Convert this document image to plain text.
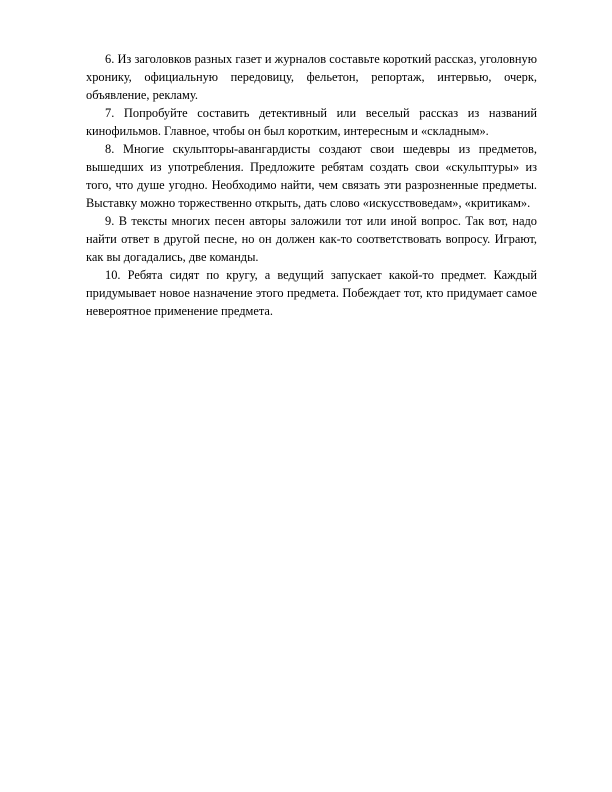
6. Из заголовков разных газет и журналов составьте короткий рассказ, уголовную хронику, официальную передовицу, фельетон, репортаж, интервью, очерк, объявление, рекламу.

7. Попробуйте составить детективный или веселый рассказ из названий кинофильмов. Главное, чтобы он был коротким, интересным и «складным».

8. Многие скульпторы-авангардисты создают свои шедевры из предметов, вышедших из употребления. Предложите ребятам создать свои «скульптуры» из того, что душе угодно. Необходимо найти, чем связать эти разрозненные предметы. Выставку можно торжественно открыть, дать слово «искусствоведам», «критикам».

9. В тексты многих песен авторы заложили тот или иной вопрос. Так вот, надо найти ответ в другой песне, но он должен как-то соответствовать вопросу. Играют, как вы догадались, две команды.

10. Ребята сидят по кругу, а ведущий запускает какой-то предмет. Каждый придумывает новое назначение этого предмета. Побеждает тот, кто придумает самое невероятное применение предмета.
